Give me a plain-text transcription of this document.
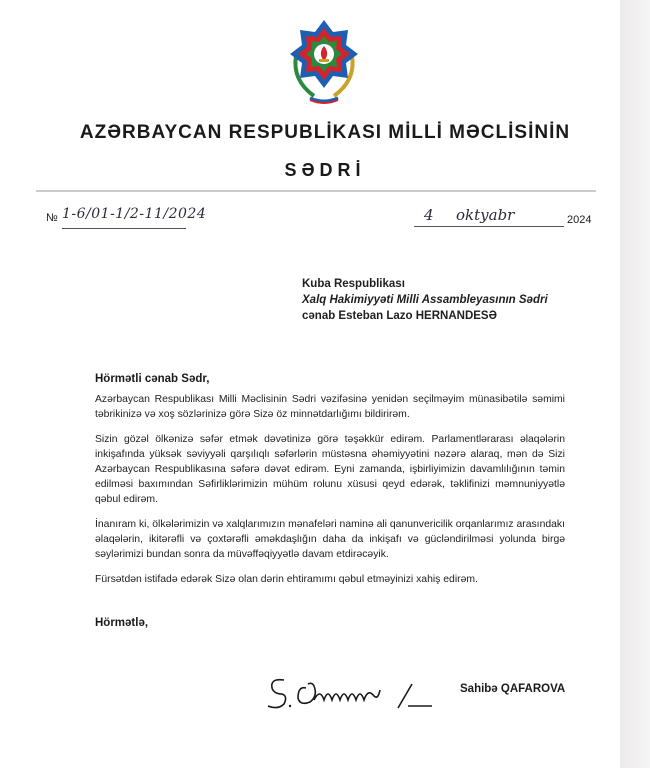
AZƏRBAYCAN RESPUBLİKASI MİLLİ MƏCLİSİNİN
SƏDRİ
№ 1-6/01-1/2-11/2024	4 oktyabr	2024
Kuba Respublikası
Xalq Hakimiyyəti Milli Assambleyasının Sədri
cənab Esteban Lazo HERNANDESƏ
Hörmətli cənab Sədr,

Azərbaycan Respublikası Milli Məclisinin Sədri vəzifəsinə yenidən seçilməyim münasibətilə səmimi təbrikinizə və xoş sözlərinizə görə Sizə öz minnətdarlığımı bildirirəm.

Sizin gözəl ölkənizə səfər etmək dəvətinizə görə təşəkkür edirəm. Parlamentlərarası əlaqələrin inkişafında yüksək səviyyəli qarşılıqlı səfərlərin müstəsna əhəmiyyətini nəzərə alaraq, mən də Sizi Azərbaycan Respublikasına səfərə dəvət edirəm. Eyni zamanda, işbirliyimizin davamlılığının təmin edilməsi baxımından Səfirliklərimizin mühüm rolunu xüsusi qeyd edərək, təklifinizi məmnuniyyətlə qəbul edirəm.

İnanıram ki, ölkələrimizin və xalqlarımızın mənafeləri naminə ali qanunvericilik orqanlarımız arasındakı əlaqələrin, ikitərəfli və çoxtərəfli əməkdaşlığın daha da inkişafı və gücləndirilməsi yolunda birgə səylərimizi bundan sonra da müvəffəqiyyətlə davam etdirəcəyik.

Fürsətdən istifadə edərək Sizə olan dərin ehtiramımı qəbul etməyinizi xahiş edirəm.

Hörmətlə,
Sahibə QAFAROVA
